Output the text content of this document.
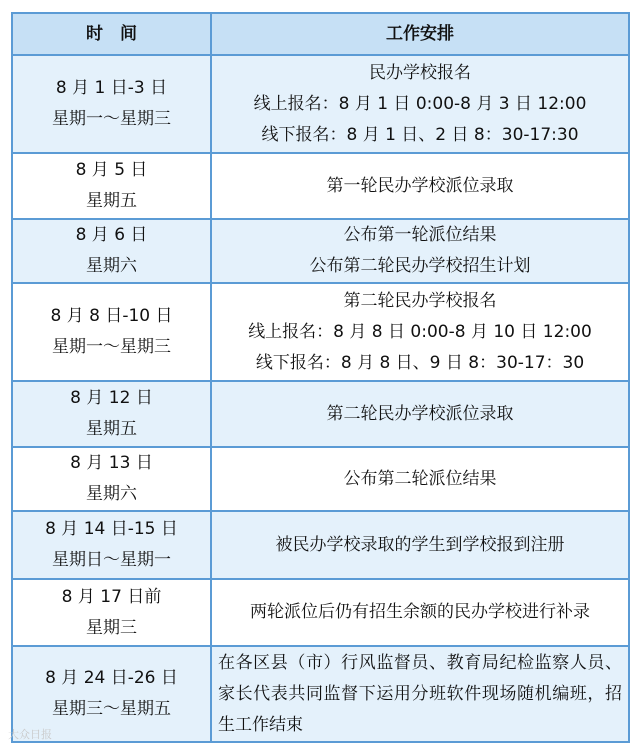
时　间	工作安排

8 月 1 日-3 日
星期一～星期三	民办学校报名
线上报名：8 月 1 日 0:00-8 月 3 日 12:00
线下报名：8 月 1 日、2 日 8：30-17:30

8 月 5 日
星期五	第一轮民办学校派位录取

8 月 6 日
星期六	公布第一轮派位结果
公布第二轮民办学校招生计划

8 月 8 日-10 日
星期一～星期三	第二轮民办学校报名
线上报名：8 月 8 日 0:00-8 月 10 日 12:00
线下报名：8 月 8 日、9 日 8：30-17：30

8 月 12 日
星期五	第二轮民办学校派位录取

8 月 13 日
星期六	公布第二轮派位结果

8 月 14 日-15 日
星期日～星期一	被民办学校录取的学生到学校报到注册

8 月 17 日前
星期三	两轮派位后仍有招生余额的民办学校进行补录

8 月 24 日-26 日
星期三～星期五	在各区县（市）行风监督员、教育局纪检监察人员、家长代表共同监督下运用分班软件现场随机编班，招生工作结束
大众日报
